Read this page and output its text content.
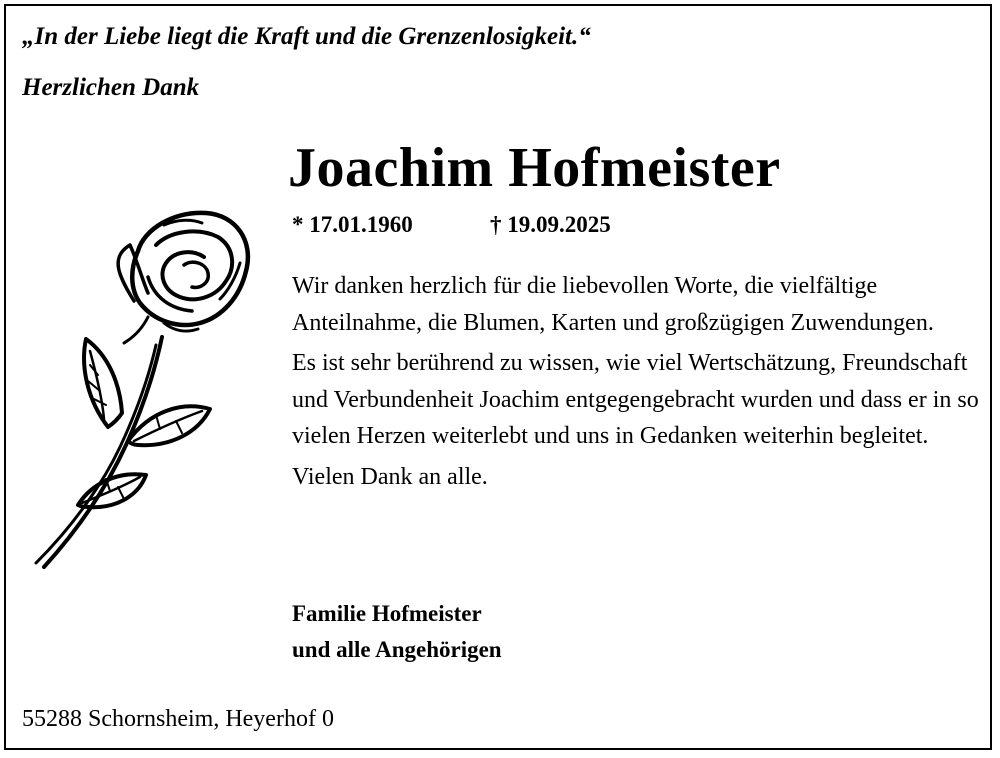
„In der Liebe liegt die Kraft und die Grenzenlosigkeit.“
Herzlichen Dank
Joachim Hofmeister
* 17.01.1960	† 19.09.2025

Wir danken herzlich für die liebevollen Worte, die vielfältige Anteilnahme, die Blumen, Karten und großzügigen Zuwendungen.

Es ist sehr berührend zu wissen, wie viel Wertschätzung, Freundschaft und Verbundenheit Joachim entgegengebracht wurden und dass er in so vielen Herzen weiterlebt und uns in Gedanken weiterhin begleitet.

Vielen Dank an alle.

Familie Hofmeister
und alle Angehörigen
55288 Schornsheim, Heyerhof 0
